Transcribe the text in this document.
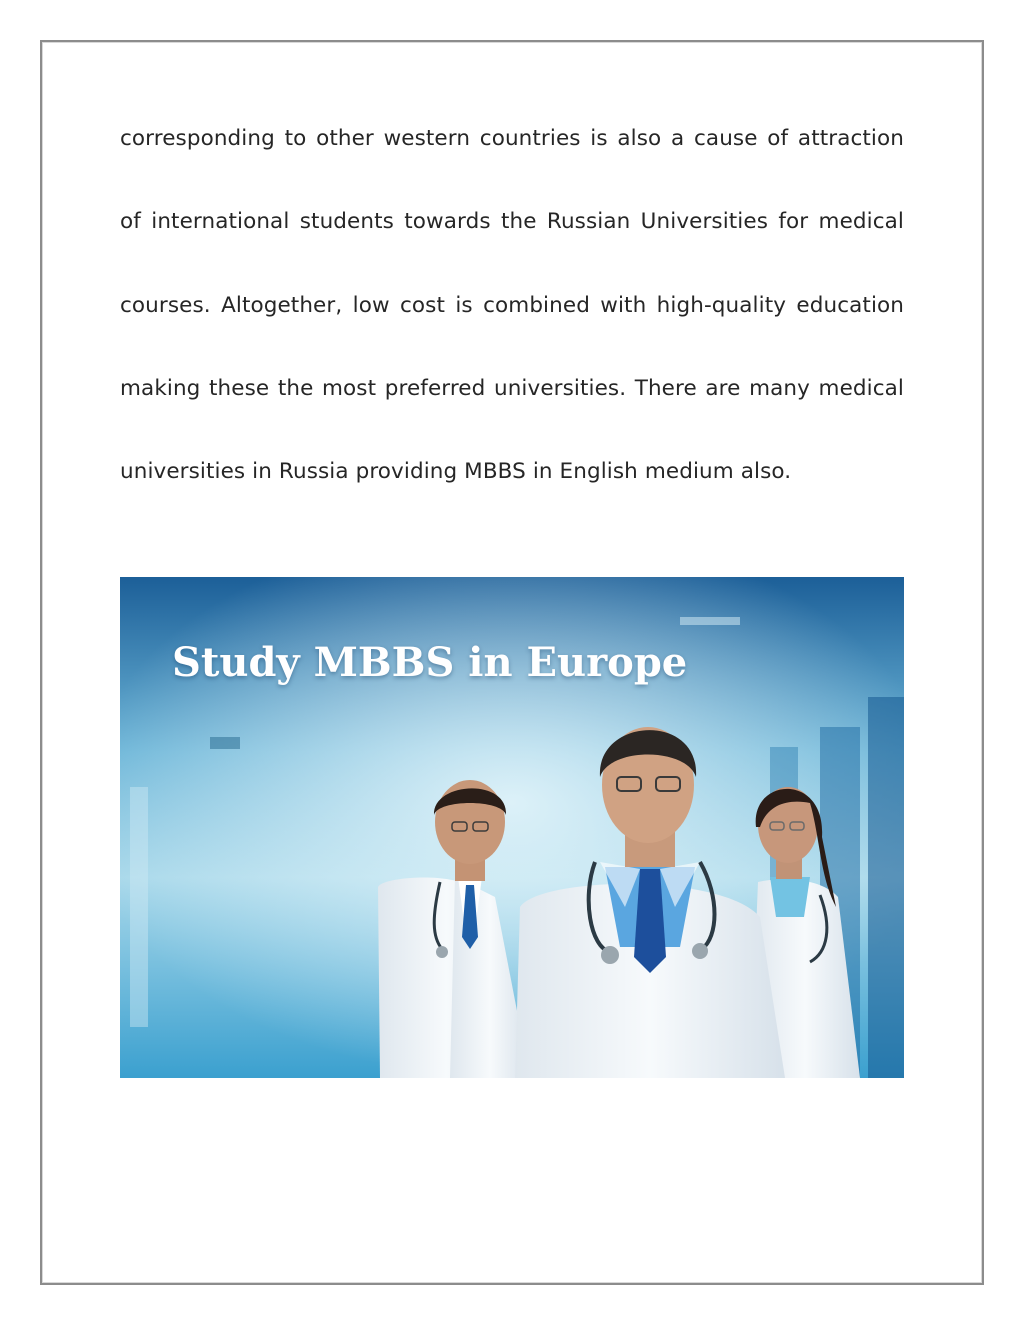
corresponding to other western countries is also a cause of attraction
of international students towards the Russian Universities for medical
courses. Altogether, low cost is combined with high-quality education
making these the most preferred universities. There are many medical
universities in Russia providing MBBS in English medium also.
Study MBBS in Europe
